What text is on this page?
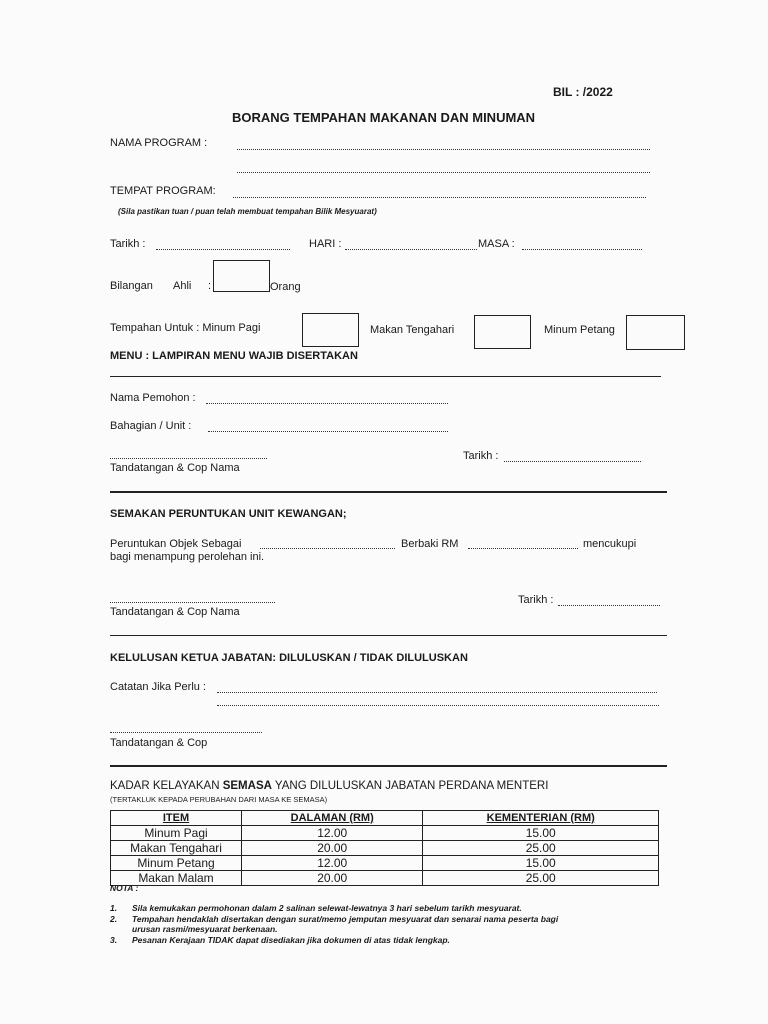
BIL : /2022
BORANG TEMPAHAN MAKANAN DAN MINUMAN
NAMA PROGRAM :
TEMPAT PROGRAM:
(Sila pastikan tuan / puan telah membuat tempahan Bilik Mesyuarat)
Tarikh :	HARI :	MASA :
Bilangan Ahli :	Orang
Tempahan Untuk : Minum Pagi	Makan Tengahari	Minum Petang
MENU : LAMPIRAN MENU WAJIB DISERTAKAN
Nama Pemohon :
Bahagian / Unit :
Tarikh :
Tandatangan & Cop Nama
SEMAKAN PERUNTUKAN UNIT KEWANGAN;
Peruntukan Objek Sebagai	Berbaki RM	mencukupi
bagi menampung perolehan ini.
Tarikh :
Tandatangan & Cop Nama
KELULUSAN KETUA JABATAN: DILULUSKAN / TIDAK DILULUSKAN
Catatan Jika Perlu :
Tandatangan & Cop
KADAR KELAYAKAN SEMASA YANG DILULUSKAN JABATAN PERDANA MENTERI
(TERTAKLUK KEPADA PERUBAHAN DARI MASA KE SEMASA)
ITEM	DALAMAN (RM)	KEMENTERIAN (RM)
Minum Pagi	12.00	15.00
Makan Tengahari	20.00	25.00
Minum Petang	12.00	15.00
Makan Malam	20.00	25.00
NOTA :
1.	Sila kemukakan permohonan dalam 2 salinan selewat-lewatnya 3 hari sebelum tarikh mesyuarat.
2.	Tempahan hendaklah disertakan dengan surat/memo jemputan mesyuarat dan senarai nama peserta bagi
urusan rasmi/mesyuarat berkenaan.
3.	Pesanan Kerajaan TIDAK dapat disediakan jika dokumen di atas tidak lengkap.
